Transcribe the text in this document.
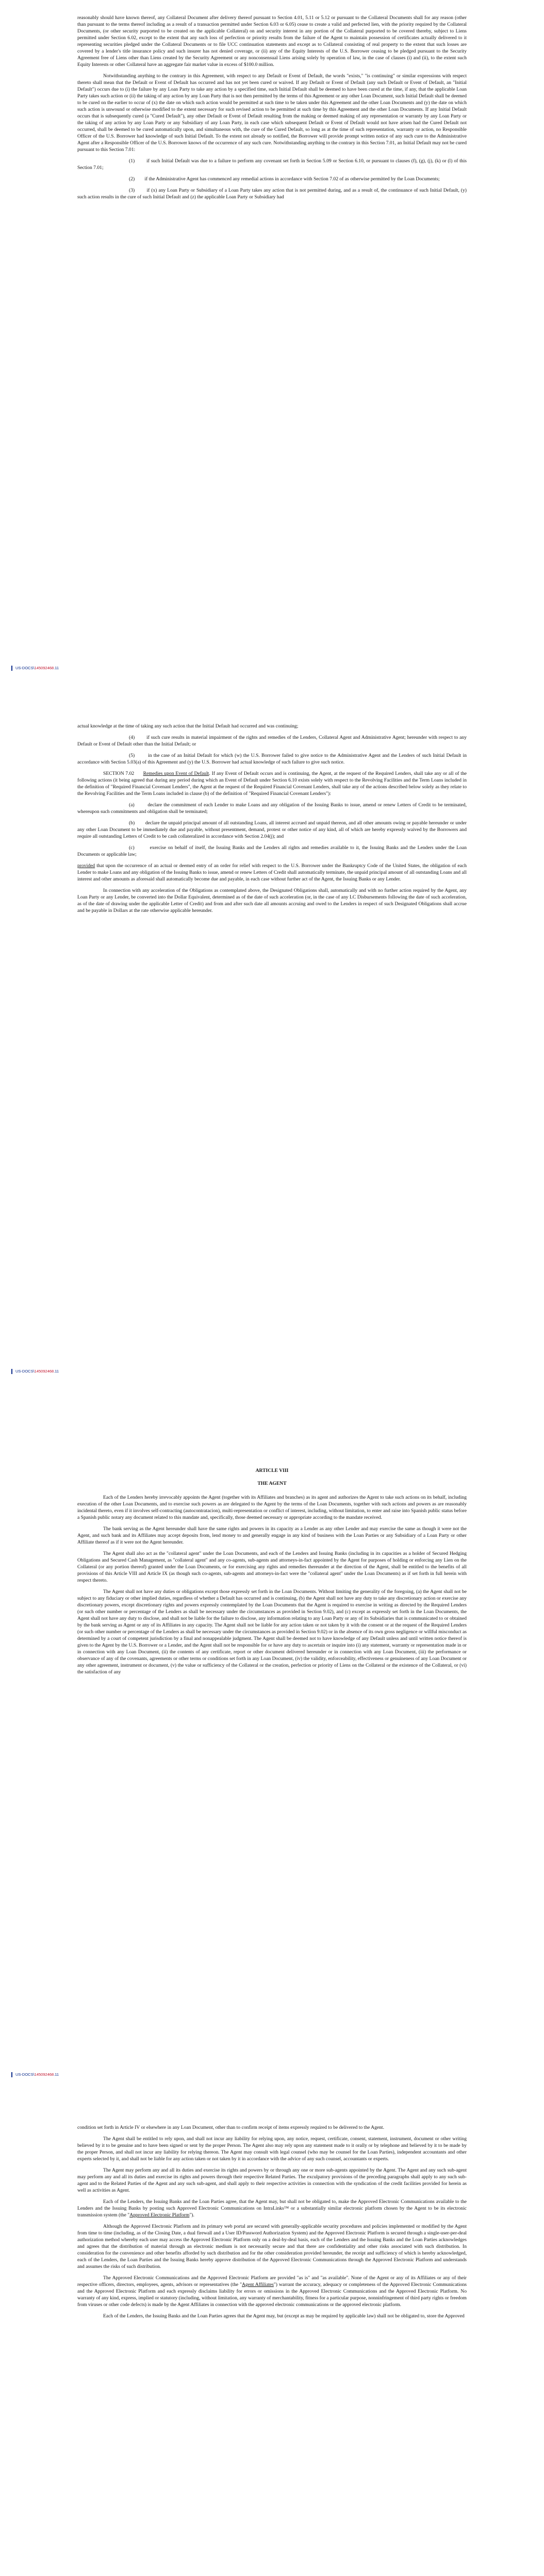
reasonably should have known thereof, any Collateral Document after delivery thereof pursuant to Section 4.01, 5.11 or 5.12 or pursuant to the Collateral Documents shall for any reason (other than pursuant to the terms thereof including as a result of a transaction permitted under Section 6.03 or 6.05) cease to create a valid and perfected lien, with the priority required by the Collateral Documents, (or other security purported to be created on the applicable Collateral) on and security interest in any portion of the Collateral purported to be covered thereby, subject to Liens permitted under Section 6.02, except to the extent that any such loss of perfection or priority results from the failure of the Agent to maintain possession of certificates actually delivered to it representing securities pledged under the Collateral Documents or to file UCC continuation statements and except as to Collateral consisting of real property to the extent that such losses are covered by a lender's title insurance policy and such insurer has not denied coverage, or (ii) any of the Equity Interests of the U.S. Borrower ceasing to be pledged pursuant to the Security Agreement free of Liens other than Liens created by the Security Agreement or any nonconsensual Liens arising solely by operation of law, in the case of clauses (i) and (ii), to the extent such Equity Interests or other Collateral have an aggregate fair market value in excess of $100.0 million.

Notwithstanding anything to the contrary in this Agreement, with respect to any Default or Event of Default, the words "exists," "is continuing" or similar expressions with respect thereto shall mean that the Default or Event of Default has occurred and has not yet been cured or waived. If any Default or Event of Default (any such Default or Event of Default, an "Initial Default") occurs due to (i) the failure by any Loan Party to take any action by a specified time, such Initial Default shall be deemed to have been cured at the time, if any, that the applicable Loan Party takes such action or (ii) the taking of any action by any Loan Party that is not then permitted by the terms of this Agreement or any other Loan Document, such Initial Default shall be deemed to be cured on the earlier to occur of (x) the date on which such action would be permitted at such time to be taken under this Agreement and the other Loan Documents and (y) the date on which such action is unwound or otherwise modified to the extent necessary for such revised action to be permitted at such time by this Agreement and the other Loan Documents. If any Initial Default occurs that is subsequently cured (a "Cured Default"), any other Default or Event of Default resulting from the making or deemed making of any representation or warranty by any Loan Party or the taking of any action by any Loan Party or any Subsidiary of any Loan Party, in each case which subsequent Default or Event of Default would not have arisen had the Cured Default not occurred, shall be deemed to be cured automatically upon, and simultaneous with, the cure of the Cured Default, so long as at the time of such representation, warranty or action, no Responsible Officer of the U.S. Borrower had knowledge of such Initial Default. To the extent not already so notified, the Borrower will provide prompt written notice of any such cure to the Administrative Agent after a Responsible Officer of the U.S. Borrower knows of the occurrence of any such cure. Notwithstanding anything to the contrary in this Section 7.01, an Initial Default may not be cured pursuant to this Section 7.01:

(1)        if such Initial Default was due to a failure to perform any covenant set forth in Section 5.09 or Section 6.10, or pursuant to clauses (f), (g), (j), (k) or (l) of this Section 7.01;

(2)        if the Administrative Agent has commenced any remedial actions in accordance with Section 7.02 of as otherwise permitted by the Loan Documents;

(3)        if (x) any Loan Party or Subsidiary of a Loan Party takes any action that is not permitted during, and as a result of, the continuance of such Initial Default, (y) such action results in the cure of such Initial Default and (z) the applicable Loan Party or Subsidiary had

US-DOCS\145092468.11

actual knowledge at the time of taking any such action that the Initial Default had occurred and was continuing;

(4)        if such cure results in material impairment of the rights and remedies of the Lenders, Collateral Agent and Administrative Agent; hereunder with respect to any Default or Event of Default other than the Initial Default; or

(5)        in the case of an Initial Default for which (w) the U.S. Borrower failed to give notice to the Administrative Agent and the Lenders of such Initial Default in accordance with Section 5.03(a) of this Agreement and (y) the U.S. Borrower had actual knowledge of such failure to give such notice.

SECTION 7.02      Remedies upon Event of Default. If any Event of Default occurs and is continuing, the Agent, at the request of the Required Lenders, shall take any or all of the following actions (it being agreed that during any period during which an Event of Default under Section 6.10 exists solely with respect to the Revolving Facilities and the Term Loans included in the definition of "Required Financial Covenant Lenders", the Agent at the request of the Required Financial Covenant Lenders, shall take any of the actions described below solely as they relate to the Revolving Facilities and the Term Loans included in clause (b) of the definition of "Required Financial Covenant Lenders"):

(a)        declare the commitment of each Lender to make Loans and any obligation of the Issuing Banks to issue, amend or renew Letters of Credit to be terminated, whereupon such commitments and obligation shall be terminated;

(b)        declare the unpaid principal amount of all outstanding Loans, all interest accrued and unpaid thereon, and all other amounts owing or payable hereunder or under any other Loan Document to be immediately due and payable, without presentment, demand, protest or other notice of any kind, all of which are hereby expressly waived by the Borrowers and require all outstanding Letters of Credit to be cash collateralized in accordance with Section 2.04(j); and

(c)        exercise on behalf of itself, the Issuing Banks and the Lenders all rights and remedies available to it, the Issuing Banks and the Lenders under the Loan Documents or applicable law;

provided that upon the occurrence of an actual or deemed entry of an order for relief with respect to the U.S. Borrower under the Bankruptcy Code of the United States, the obligation of each Lender to make Loans and any obligation of the Issuing Banks to issue, amend or renew Letters of Credit shall automatically terminate, the unpaid principal amount of all outstanding Loans and all interest and other amounts as aforesaid shall automatically become due and payable, in each case without further act of the Agent, the Issuing Banks or any Lender.

In connection with any acceleration of the Obligations as contemplated above, the Designated Obligations shall, automatically and with no further action required by the Agent, any Loan Party or any Lender, be converted into the Dollar Equivalent, determined as of the date of such acceleration (or, in the case of any LC Disbursements following the date of such acceleration, as of the date of drawing under the applicable Letter of Credit) and from and after such date all amounts accruing and owed to the Lenders in respect of such Designated Obligations shall accrue and be payable in Dollars at the rate otherwise applicable hereunder.

US-DOCS\145092468.11

ARTICLE VIII

THE AGENT

Each of the Lenders hereby irrevocably appoints the Agent (together with its Affiliates and branches) as its agent and authorizes the Agent to take such actions on its behalf, including execution of the other Loan Documents, and to exercise such powers as are delegated to the Agent by the terms of the Loan Documents, together with such actions and powers as are reasonably incidental thereto, even if it involves self-contracting (autocontratacion), multi-representation or conflict of interest, including, without limitation, to enter and raise into Spanish public status before a Spanish public notary any document related to this mandate and, specifically, those deemed necessary or appropriate according to the mandate received.

The bank serving as the Agent hereunder shall have the same rights and powers in its capacity as a Lender as any other Lender and may exercise the same as though it were not the Agent, and such bank and its Affiliates may accept deposits from, lend money to and generally engage in any kind of business with the Loan Parties or any Subsidiary of a Loan Party or other Affiliate thereof as if it were not the Agent hereunder.

The Agent shall also act as the "collateral agent" under the Loan Documents, and each of the Lenders and Issuing Banks (including in its capacities as a holder of Secured Hedging Obligations and Secured Cash Management, as "collateral agent" and any co-agents, sub-agents and attorneys-in-fact appointed by the Agent for purposes of holding or enforcing any Lien on the Collateral (or any portion thereof) granted under the Loan Documents, or for exercising any rights and remedies thereunder at the direction of the Agent, shall be entitled to the benefits of all provisions of this Article VIII and Article IX (as though such co-agents, sub-agents and attorneys-in-fact were the "collateral agent" under the Loan Documents) as if set forth in full herein with respect thereto.

The Agent shall not have any duties or obligations except those expressly set forth in the Loan Documents. Without limiting the generality of the foregoing, (a) the Agent shall not be subject to any fiduciary or other implied duties, regardless of whether a Default has occurred and is continuing, (b) the Agent shall not have any duty to take any discretionary action or exercise any discretionary powers, except discretionary rights and powers expressly contemplated by the Loan Documents that the Agent is required to exercise in writing as directed by the Required Lenders (or such other number or percentage of the Lenders as shall be necessary under the circumstances as provided in Section 9.02), and (c) except as expressly set forth in the Loan Documents, the Agent shall not have any duty to disclose, and shall not be liable for the failure to disclose, any information relating to any Loan Party or any of its Subsidiaries that is communicated to or obtained by the bank serving as Agent or any of its Affiliates in any capacity. The Agent shall not be liable for any action taken or not taken by it with the consent or at the request of the Required Lenders (or such other number or percentage of the Lenders as shall be necessary under the circumstances as provided in Section 9.02) or in the absence of its own gross negligence or willful misconduct as determined by a court of competent jurisdiction by a final and nonappealable judgment. The Agent shall be deemed not to have knowledge of any Default unless and until written notice thereof is given to the Agent by the U.S. Borrower or a Lender, and the Agent shall not be responsible for or have any duty to ascertain or inquire into (i) any statement, warranty or representation made in or in connection with any Loan Document, (ii) the contents of any certificate, report or other document delivered hereunder or in connection with any Loan Document, (iii) the performance or observance of any of the covenants, agreements or other terms or conditions set forth in any Loan Document, (iv) the validity, enforceability, effectiveness or genuineness of any Loan Document or any other agreement, instrument or document, (v) the value or sufficiency of the Collateral or the creation, perfection or priority of Liens on the Collateral or the existence of the Collateral, or (vi) the satisfaction of any

US-DOCS\145092468.11

condition set forth in Article IV or elsewhere in any Loan Document, other than to confirm receipt of items expressly required to be delivered to the Agent.

The Agent shall be entitled to rely upon, and shall not incur any liability for relying upon, any notice, request, certificate, consent, statement, instrument, document or other writing believed by it to be genuine and to have been signed or sent by the proper Person. The Agent also may rely upon any statement made to it orally or by telephone and believed by it to be made by the proper Person, and shall not incur any liability for relying thereon. The Agent may consult with legal counsel (who may be counsel for the Loan Parties), independent accountants and other experts selected by it, and shall not be liable for any action taken or not taken by it in accordance with the advice of any such counsel, accountants or experts.

The Agent may perform any and all its duties and exercise its rights and powers by or through any one or more sub-agents appointed by the Agent. The Agent and any such sub-agent may perform any and all its duties and exercise its rights and powers through their respective Related Parties. The exculpatory provisions of the preceding paragraphs shall apply to any such sub-agent and to the Related Parties of the Agent and any such sub-agent, and shall apply to their respective activities in connection with the syndication of the credit facilities provided for herein as well as activities as Agent.

Each of the Lenders, the Issuing Banks and the Loan Parties agree, that the Agent may, but shall not be obligated to, make the Approved Electronic Communications available to the Lenders and the Issuing Banks by posting such Approved Electronic Communications on IntraLinks™ or a substantially similar electronic platform chosen by the Agent to be its electronic transmission system (the "Approved Electronic Platform").

Although the Approved Electronic Platform and its primary web portal are secured with generally-applicable security procedures and policies implemented or modified by the Agent from time to time (including, as of the Closing Date, a dual firewall and a User ID/Password Authorization System) and the Approved Electronic Platform is secured through a single-user-per-deal authorization method whereby each user may access the Approved Electronic Platform only on a deal-by-deal basis, each of the Lenders and the Issuing Banks and the Loan Parties acknowledges and agrees that the distribution of material through an electronic medium is not necessarily secure and that there are confidentiality and other risks associated with such distribution. In consideration for the convenience and other benefits afforded by such distribution and for the other consideration provided hereunder, the receipt and sufficiency of which is hereby acknowledged, each of the Lenders, the Loan Parties and the Issuing Banks hereby approve distribution of the Approved Electronic Communications through the Approved Electronic Platform and understands and assumes the risks of such distribution.

The Approved Electronic Communications and the Approved Electronic Platform are provided "as is" and "as available". None of the Agent or any of its Affiliates or any of their respective officers, directors, employees, agents, advisors or representatives (the "Agent Affiliates") warrant the accuracy, adequacy or completeness of the Approved Electronic Communications and the Approved Electronic Platform and each expressly disclaims liability for errors or omissions in the Approved Electronic Communications and the Approved Electronic Platform. No warranty of any kind, express, implied or statutory (including, without limitation, any warranty of merchantability, fitness for a particular purpose, nonninfringement of third party rights or freedom from viruses or other code defects) is made by the Agent Affiliates in connection with the approved electronic communications or the approved electronic platform.

Each of the Lenders, the Issuing Banks and the Loan Parties agrees that the Agent may, but (except as may be required by applicable law) shall not be obligated to, store the Approved
